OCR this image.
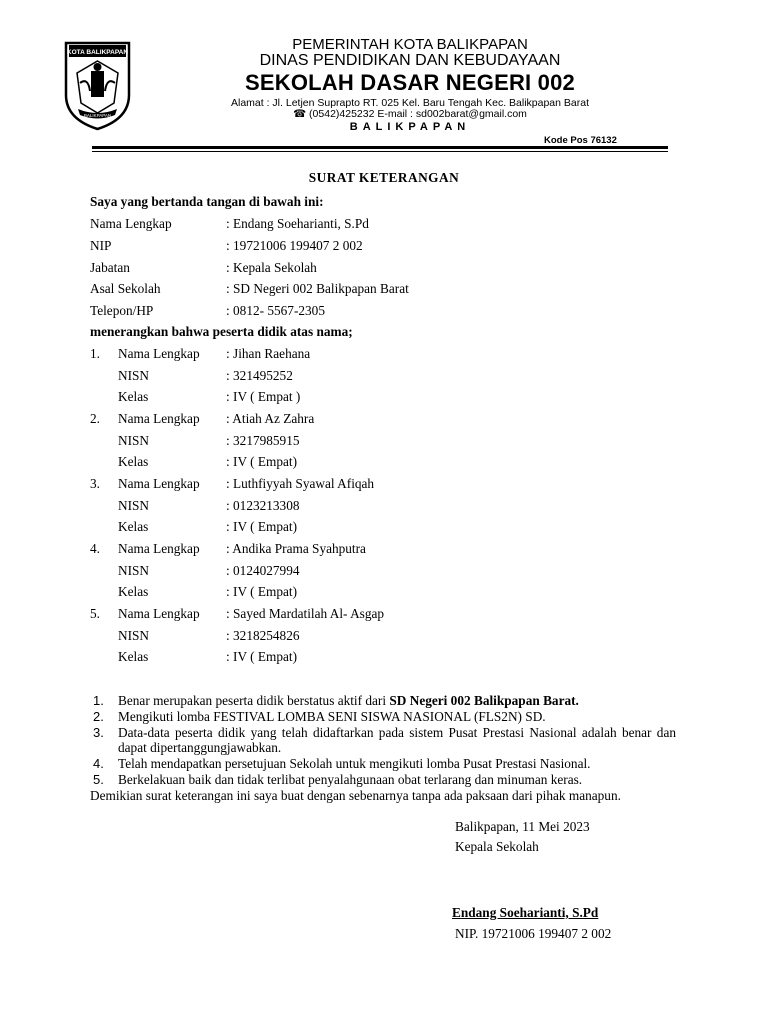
KOTA BALIKPAPAN
BALIKPAPAN
PEMERINTAH KOTA BALIKPAPAN
DINAS PENDIDIKAN DAN KEBUDAYAAN
SEKOLAH DASAR NEGERI 002
Alamat : Jl. Letjen Suprapto RT. 025 Kel. Baru Tengah Kec. Balikpapan Barat
☎ (0542)425232 E-mail : sd002barat@gmail.com
BALIKPAPAN
Kode Pos 76132
SURAT KETERANGAN
Saya yang bertanda tangan di bawah ini:
Nama Lengkap	: Endang Soeharianti, S.Pd
NIP	: 19721006 199407 2 002
Jabatan	: Kepala Sekolah
Asal Sekolah	: SD Negeri 002 Balikpapan Barat
Telepon/HP	: 0812- 5567-2305
menerangkan bahwa peserta didik atas nama;
1. Nama Lengkap : Jihan Raehana
NISN	: 321495252
Kelas	: IV ( Empat )
2. Nama Lengkap : Atiah Az Zahra
NISN	: 3217985915
Kelas	: IV ( Empat)
3. Nama Lengkap : Luthfiyyah Syawal Afiqah
NISN	: 0123213308
Kelas	: IV ( Empat)
4. Nama Lengkap : Andika Prama Syahputra
NISN	: 0124027994
Kelas	: IV ( Empat)
5. Nama Lengkap : Sayed Mardatilah Al- Asgap
NISN	: 3218254826
Kelas	: IV ( Empat)
1. Benar merupakan peserta didik berstatus aktif dari SD Negeri 002 Balikpapan Barat.
2. Mengikuti lomba FESTIVAL LOMBA SENI SISWA NASIONAL (FLS2N) SD.
3. Data-data peserta didik yang telah didaftarkan pada sistem Pusat Prestasi Nasional adalah benar dan dapat dipertanggungjawabkan.
4. Telah mendapatkan persetujuan Sekolah untuk mengikuti lomba Pusat Prestasi Nasional.
5. Berkelakuan baik dan tidak terlibat penyalahgunaan obat terlarang dan minuman keras.
Demikian surat keterangan ini saya buat dengan sebenarnya tanpa ada paksaan dari pihak manapun.
Balikpapan, 11 Mei 2023
Kepala Sekolah
Endang Soeharianti, S.Pd
NIP. 19721006 199407 2 002
